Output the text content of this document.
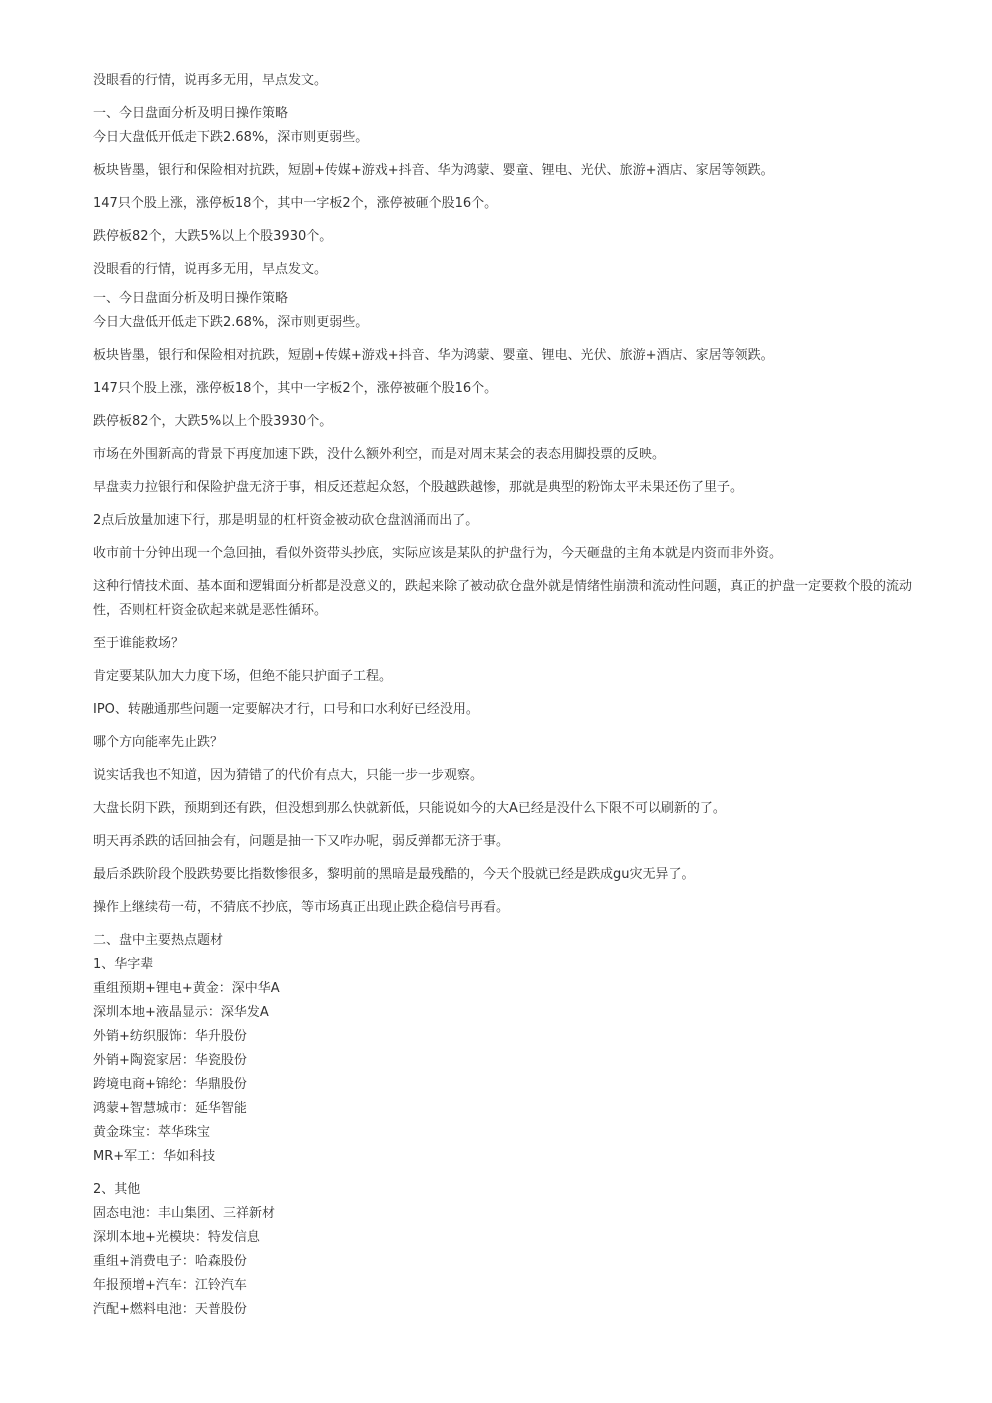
没眼看的行情，说再多无用，早点发文。

一、今日盘面分析及明日操作策略
今日大盘低开低走下跌2.68%，深市则更弱些。

板块皆墨，银行和保险相对抗跌，短剧+传媒+游戏+抖音、华为鸿蒙、婴童、锂电、光伏、旅游+酒店、家居等领跌。

147只个股上涨，涨停板18个，其中一字板2个，涨停被砸个股16个。

跌停板82个，大跌5%以上个股3930个。

没眼看的行情，说再多无用，早点发文。

一、今日盘面分析及明日操作策略
今日大盘低开低走下跌2.68%，深市则更弱些。

板块皆墨，银行和保险相对抗跌，短剧+传媒+游戏+抖音、华为鸿蒙、婴童、锂电、光伏、旅游+酒店、家居等领跌。

147只个股上涨，涨停板18个，其中一字板2个，涨停被砸个股16个。

跌停板82个，大跌5%以上个股3930个。

市场在外围新高的背景下再度加速下跌，没什么额外利空，而是对周末某会的表态用脚投票的反映。

早盘卖力拉银行和保险护盘无济于事，相反还惹起众怒，个股越跌越惨，那就是典型的粉饰太平未果还伤了里子。

2点后放量加速下行，那是明显的杠杆资金被动砍仓盘汹涌而出了。

收市前十分钟出现一个急回抽，看似外资带头抄底，实际应该是某队的护盘行为，今天砸盘的主角本就是内资而非外资。

这种行情技术面、基本面和逻辑面分析都是没意义的，跌起来除了被动砍仓盘外就是情绪性崩溃和流动性问题，真正的护盘一定要救个股的流动性，否则杠杆资金砍起来就是恶性循环。

至于谁能救场？

肯定要某队加大力度下场，但绝不能只护面子工程。

IPO、转融通那些问题一定要解决才行，口号和口水利好已经没用。

哪个方向能率先止跌？

说实话我也不知道，因为猜错了的代价有点大，只能一步一步观察。

大盘长阴下跌，预期到还有跌，但没想到那么快就新低，只能说如今的大A已经是没什么下限不可以刷新的了。

明天再杀跌的话回抽会有，问题是抽一下又咋办呢，弱反弹都无济于事。

最后杀跌阶段个股跌势要比指数惨很多，黎明前的黑暗是最残酷的，今天个股就已经是跌成gu灾无异了。

操作上继续苟一苟，不猜底不抄底，等市场真正出现止跌企稳信号再看。

二、盘中主要热点题材
1、华字辈
重组预期+锂电+黄金：深中华A
深圳本地+液晶显示：深华发A
外销+纺织服饰：华升股份
外销+陶瓷家居：华瓷股份
跨境电商+锦纶：华鼎股份
鸿蒙+智慧城市：延华智能
黄金珠宝：萃华珠宝
MR+军工：华如科技
2、其他
固态电池：丰山集团、三祥新材
深圳本地+光模块：特发信息
重组+消费电子：哈森股份
年报预增+汽车：江铃汽车
汽配+燃料电池：天普股份
